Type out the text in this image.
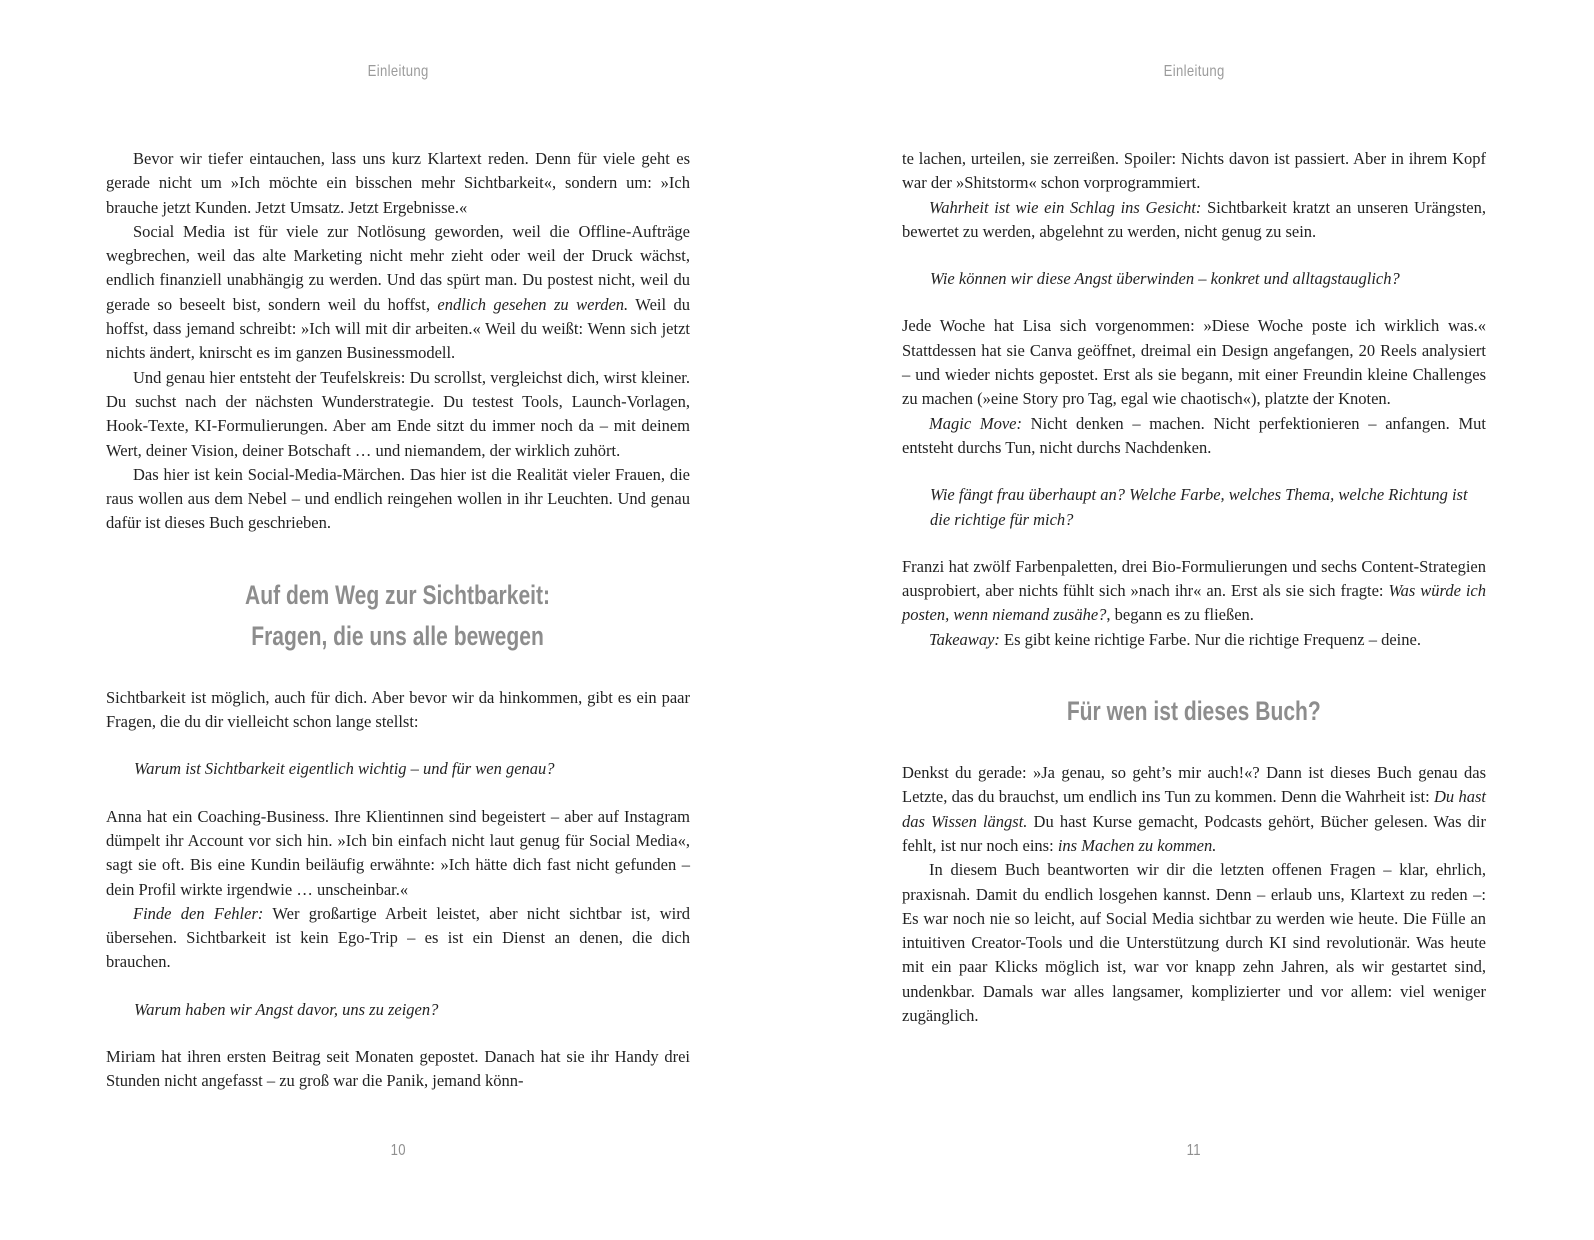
Einleitung

Bevor wir tiefer eintauchen, lass uns kurz Klartext reden. Denn für viele geht es gerade nicht um »Ich möchte ein bisschen mehr Sichtbarkeit«, sondern um: »Ich brauche jetzt Kunden. Jetzt Umsatz. Jetzt Ergebnisse.«

Social Media ist für viele zur Notlösung geworden, weil die Offline-Aufträge wegbrechen, weil das alte Marketing nicht mehr zieht oder weil der Druck wächst, endlich finanziell unabhängig zu werden. Und das spürt man. Du postest nicht, weil du gerade so beseelt bist, sondern weil du hoffst, endlich gesehen zu werden. Weil du hoffst, dass jemand schreibt: »Ich will mit dir arbeiten.« Weil du weißt: Wenn sich jetzt nichts ändert, knirscht es im ganzen Businessmodell.

Und genau hier entsteht der Teufelskreis: Du scrollst, vergleichst dich, wirst kleiner. Du suchst nach der nächsten Wunderstrategie. Du testest Tools, Launch-Vorlagen, Hook-Texte, KI-Formulierungen. Aber am Ende sitzt du immer noch da – mit deinem Wert, deiner Vision, deiner Botschaft … und niemandem, der wirklich zuhört.

Das hier ist kein Social-Media-Märchen. Das hier ist die Realität vieler Frauen, die raus wollen aus dem Nebel – und endlich reingehen wollen in ihr Leuchten. Und genau dafür ist dieses Buch geschrieben.

Auf dem Weg zur Sichtbarkeit:
Fragen, die uns alle bewegen

Sichtbarkeit ist möglich, auch für dich. Aber bevor wir da hinkommen, gibt es ein paar Fragen, die du dir vielleicht schon lange stellst:

Warum ist Sichtbarkeit eigentlich wichtig – und für wen genau?

Anna hat ein Coaching-Business. Ihre Klientinnen sind begeistert – aber auf Instagram dümpelt ihr Account vor sich hin. »Ich bin einfach nicht laut genug für Social Media«, sagt sie oft. Bis eine Kundin beiläufig erwähnte: »Ich hätte dich fast nicht gefunden – dein Profil wirkte irgendwie … unscheinbar.«

Finde den Fehler: Wer großartige Arbeit leistet, aber nicht sichtbar ist, wird übersehen. Sichtbarkeit ist kein Ego-Trip – es ist ein Dienst an denen, die dich brauchen.

Warum haben wir Angst davor, uns zu zeigen?

Miriam hat ihren ersten Beitrag seit Monaten gepostet. Danach hat sie ihr Handy drei Stunden nicht angefasst – zu groß war die Panik, jemand könn-

10
Einleitung

te lachen, urteilen, sie zerreißen. Spoiler: Nichts davon ist passiert. Aber in ihrem Kopf war der »Shitstorm« schon vorprogrammiert.

Wahrheit ist wie ein Schlag ins Gesicht: Sichtbarkeit kratzt an unseren Urängsten, bewertet zu werden, abgelehnt zu werden, nicht genug zu sein.

Wie können wir diese Angst überwinden – konkret und alltagstauglich?

Jede Woche hat Lisa sich vorgenommen: »Diese Woche poste ich wirklich was.« Stattdessen hat sie Canva geöffnet, dreimal ein Design angefangen, 20 Reels analysiert – und wieder nichts gepostet. Erst als sie begann, mit einer Freundin kleine Challenges zu machen (»eine Story pro Tag, egal wie chaotisch«), platzte der Knoten.

Magic Move: Nicht denken – machen. Nicht perfektionieren – anfangen. Mut entsteht durchs Tun, nicht durchs Nachdenken.

Wie fängt frau überhaupt an? Welche Farbe, welches Thema, welche Richtung ist die richtige für mich?

Franzi hat zwölf Farbenpaletten, drei Bio-Formulierungen und sechs Content-Strategien ausprobiert, aber nichts fühlt sich »nach ihr« an. Erst als sie sich fragte: Was würde ich posten, wenn niemand zusähe?, begann es zu fließen.

Takeaway: Es gibt keine richtige Farbe. Nur die richtige Frequenz – deine.

Für wen ist dieses Buch?

Denkst du gerade: »Ja genau, so geht’s mir auch!«? Dann ist dieses Buch genau das Letzte, das du brauchst, um endlich ins Tun zu kommen. Denn die Wahrheit ist: Du hast das Wissen längst. Du hast Kurse gemacht, Podcasts gehört, Bücher gelesen. Was dir fehlt, ist nur noch eins: ins Machen zu kommen.

In diesem Buch beantworten wir dir die letzten offenen Fragen – klar, ehrlich, praxisnah. Damit du endlich losgehen kannst. Denn – erlaub uns, Klartext zu reden –: Es war noch nie so leicht, auf Social Media sichtbar zu werden wie heute. Die Fülle an intuitiven Creator-Tools und die Unterstützung durch KI sind revolutionär. Was heute mit ein paar Klicks möglich ist, war vor knapp zehn Jahren, als wir gestartet sind, undenkbar. Damals war alles langsamer, komplizierter und vor allem: viel weniger zugänglich.

11
